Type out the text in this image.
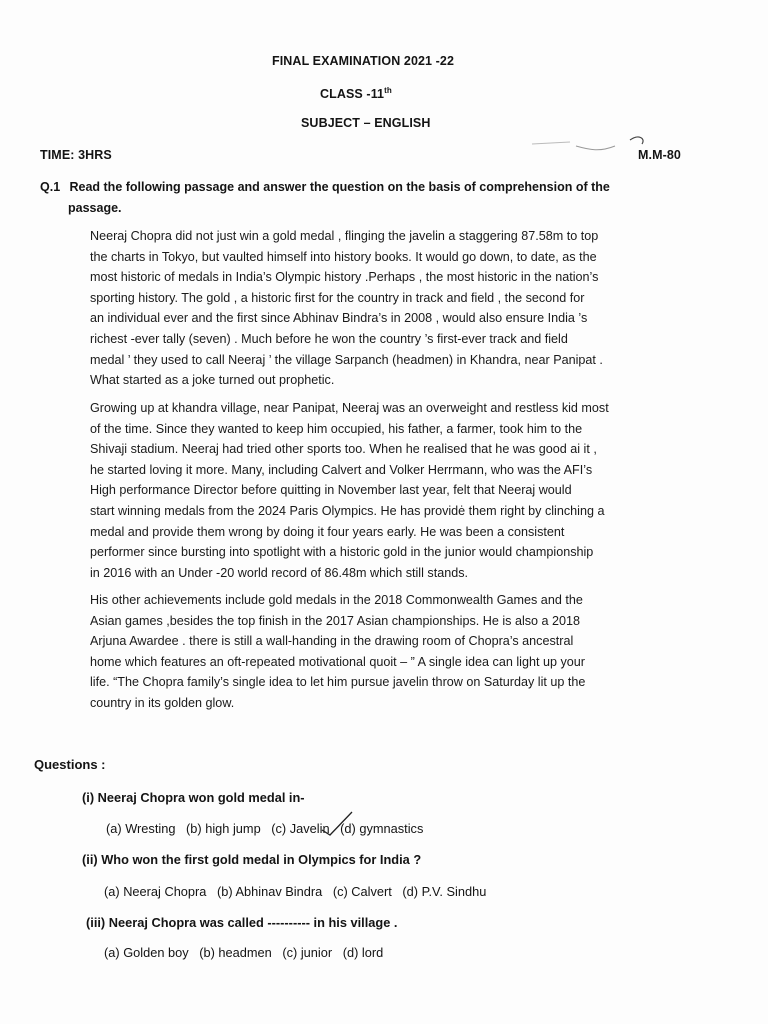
FINAL EXAMINATION 2021 -22
CLASS -11th
SUBJECT – ENGLISH
TIME: 3HRS	M.M-80
Q.1 Read the following passage and answer the question on the basis of comprehension of the
passage.
Neeraj Chopra did not just win a gold medal , flinging the javelin a staggering 87.58m to top
the charts in Tokyo, but vaulted himself into history books. It would go down, to date, as the
most historic of medals in India’s Olympic history .Perhaps , the most historic in the nation’s
sporting history. The gold , a historic first for the country in track and field , the second for
an individual ever and the first since Abhinav Bindra’s in 2008 , would also ensure India ’s
richest -ever tally (seven) . Much before he won the country ’s first-ever track and field
medal ’ they used to call Neeraj ’ the village Sarpanch (headmen) in Khandra, near Panipat .
What started as a joke turned out prophetic.
Growing up at khandra village, near Panipat, Neeraj was an overweight and restless kid most
of the time. Since they wanted to keep him occupied, his father, a farmer, took him to the
Shivaji stadium. Neeraj had tried other sports too. When he realised that he was good ai it ,
he started loving it more. Many, including Calvert and Volker Herrmann, who was the AFI’s
High performance Director before quitting in November last year, felt that Neeraj would
start winning medals from the 2024 Paris Olympics. He has providė them right by clinching a
medal and provide them wrong by doing it four years early. He was been a consistent
performer since bursting into spotlight with a historic gold in the junior would championship
in 2016 with an Under -20 world record of 86.48m which still stands.
His other achievements include gold medals in the 2018 Commonwealth Games and the
Asian games ,besides the top finish in the 2017 Asian championships. He is also a 2018
Arjuna Awardee . there is still a wall-handing in the drawing room of Chopra’s ancestral
home which features an oft-repeated motivational quoit – ” A single idea can light up your
life. “The Chopra family’s single idea to let him pursue javelin throw on Saturday lit up the
country in its golden glow.
Questions :
(i) Neeraj Chopra won gold medal in-
(a) Wresting (b) high jump (c) Javelin (d) gymnastics
(ii) Who won the first gold medal in Olympics for India ?
(a) Neeraj Chopra (b) Abhinav Bindra (c) Calvert (d) P.V. Sindhu
(iii) Neeraj Chopra was called ---------- in his village .
(a) Golden boy (b) headmen (c) junior (d) lord
